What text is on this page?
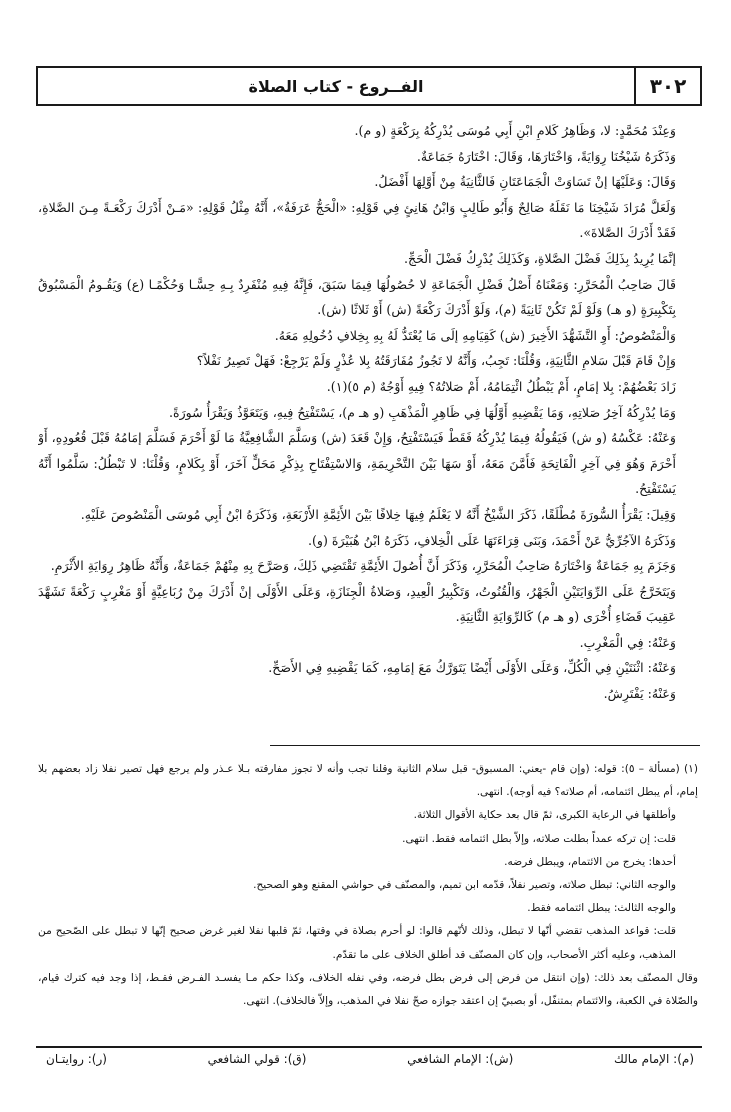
٣٠٢
الفــروع - كتاب الصلاة

وَعِنْدَ مُحَمَّدٍ: لا، وَظَاهِرُ كَلامِ ابْنِ أَبِي مُوسَى يُدْرِكُهُ بِرَكْعَةٍ (و م).

وَذَكَرَهُ شَيْخُنَا رِوَايَةً، وَاخْتَارَهَا، وَقَالَ: اخْتَارَهُ جَمَاعَةٌ.

وَقَالَ: وَعَلَيْهَا إنْ تَسَاوَتْ الْجَمَاعَتَانِ فَالثَّانِيَةُ مِنْ أَوَّلِهَا أَفْضَلُ.

وَلَعَلَّ مُرَادَ شَيْخِنَا مَا نَقَلَهُ صَالِحٌ وَأَبُو طَالِبٍ وَابْنُ هَانِئٍ فِي قَوْلِهِ: «الْحَجُّ عَرَفَةُ»، أَنَّهُ مِثْلُ قَوْلِهِ: «مَـنْ أَدْرَكَ رَكْعَـةً مِـنَ الصَّلاةِ، فَقَدْ أَدْرَكَ الصَّلاةَ».

إنَّمَا يُرِيدُ بِذَلِكَ فَضْلَ الصَّلاةِ، وَكَذَلِكَ يُدْرِكُ فَضْلَ الْحَجِّ.

قَالَ صَاحِبُ الْمُحَرَّرِ: وَمَعْنَاهُ أَصْلُ فَضْلِ الْجَمَاعَةِ لا حُصُولُهَا فِيمَا سَبَقَ، فَإِنَّهُ فِيهِ مُنْفَرِدٌ بِـهِ حِسًّـا وَحُكْمًـا (ع) وَيَقُـومُ الْمَسْبُوقُ بِتَكْبِيرَةٍ (و هـ) وَلَوْ لَمْ تَكُنْ ثَانِيَةً (م)، وَلَوْ أَدْرَكَ رَكْعَةً (ش) أَوْ ثَلاثًا (ش).

وَالْمَنْصُوصُ: أَوِ التَّشَهُّدَ الأَخِيرَ (ش) كَقِيَامِهِ إلَى مَا يُعْتَدُّ لَهُ بِهِ بِخِلافِ دُخُولِهِ مَعَهُ.

وَإِنْ قَامَ قَبْلَ سَلامِ الثَّانِيَةِ، وَقُلْنَا: تَجِبُ، وَأَنَّهُ لا تَجُوزُ مُفَارَقَتُهُ بِلا عُذْرٍ وَلَمْ يَرْجِعْ: فَهَلْ تَصِيرُ نَفْلاً؟

زَادَ بَعْضُهُمْ: بِلا إمَامٍ، أَمْ يَبْطُلُ ائْتِمَامُهُ، أَمْ صَلاتُهُ؟ فِيهِ أَوْجُهٌ (م ٥)(١).

وَمَا يُدْرِكُهُ آخِرُ صَلاتِهِ، وَمَا يَقْضِيهِ أَوَّلُهَا فِي ظَاهِرِ الْمَذْهَبِ (و هـ م)، يَسْتَفْتِحُ فِيهِ، وَيَتَعَوَّذُ وَيَقْرَأُ سُورَةً.

وَعَنْهُ: عَكْسُهُ (و ش) فَيَقُولُهُ فِيمَا يُدْرِكُهُ فَقَطْ فَيَسْتَفْتِحُ، وَإِنْ قَعَدَ (ش) وَسَلَّمَ الشَّافِعِيَّةُ مَا لَوْ أَحْرَمَ فَسَلَّمَ إمَامُهُ قَبْلَ قُعُودِهِ، أَوْ أَحْرَمَ وَهُوَ فِي آخِرِ الْفَاتِحَةِ فَأَمَّنَ مَعَهُ، أَوْ سَهَا بَيْنَ التَّحْرِيمَةِ، وَالاسْتِفْتَاحِ بِذِكْرِ مَحَلٍّ آخَرَ، أَوْ بِكَلامٍ، وَقُلْنَا: لا تَبْطُلُ: سَلَّمُوا أَنَّهُ يَسْتَفْتِحُ.

وَقِيلَ: يَقْرَأُ السُّورَةَ مُطْلَقًا، ذَكَرَ الشَّيْخُ أَنَّهُ لا يَعْلَمُ فِيهَا خِلافًا بَيْنَ الأَئِمَّةِ الأَرْبَعَةِ، وَذَكَرَهُ ابْنُ أَبِي مُوسَى الْمَنْصُوصَ عَلَيْهِ.

وَذَكَرَهُ الآجُرِّيُّ عَنْ أَحْمَدَ، وَبَنَى قِرَاءَتَهَا عَلَى الْخِلافِ، ذَكَرَهُ ابْنُ هُبَيْرَةَ (و).

وَجَزَمَ بِهِ جَمَاعَةٌ وَاخْتَارَهُ صَاحِبُ الْمُحَرَّرِ، وَذَكَرَ أَنَّ أُصُولَ الأَئِمَّةِ تَقْتَضِي ذَلِكَ، وَصَرَّحَ بِهِ مِنْهُمْ جَمَاعَةٌ، وَأَنَّهُ ظَاهِرُ رِوَايَةِ الأَثْرَمِ.

وَيَتَخَرَّجُ عَلَى الرِّوَايَتَيْنِ الْجَهْرُ، وَالْقُنُوتُ، وَتَكْبِيرُ الْعِيدِ، وَصَلاةُ الْجِنَازَةِ، وَعَلَى الأَوْلَى إنْ أَدْرَكَ مِنْ رُبَاعِيَّةٍ أَوْ مَغْرِبٍ رَكْعَةً تَشَهَّدَ عَقِيبَ قَضَاءِ أُخْرَى (و هـ م) كَالرِّوَايَةِ الثَّانِيَةِ.

وَعَنْهُ: فِي الْمَغْرِبِ.

وَعَنْهُ: اثْنَتَيْنِ فِي الْكُلِّ، وَعَلَى الأَوْلَى أَيْضًا يَتَوَرَّكُ مَعَ إمَامِهِ، كَمَا يَقْضِيهِ فِي الأَصَحِّ.

وَعَنْهُ: يَفْتَرِشُ.

(١) (مسألة – ٥): قوله: (وإن قام -يعني: المسبوق- قبل سلام الثانية وقلنا تجب وأنه لا تجوز مفارقته بـلا عـذر ولم يرجع فهل تصير نفلا زاد بعضهم بلا إمام، أم يبطل ائتمامه، أم صلاته؟ فيه أوجه). انتهى.

وأطلقها في الرعاية الكبرى، ثمّ قال بعد حكاية الأقوال الثلاثة.

قلت: إن تركه عمداً بطلت صلاته، وإلاّ بطل ائتمامه فقط. انتهى.

أحدها: يخرج من الائتمام، ويبطل فرضه.

والوجه الثاني: تبطل صلاته، وتصير نفلاً، قدّمه ابن تميم، والمصنّف في حواشي المقنع وهو الصحيح.

والوجه الثالث: يبطل ائتمامه فقط.

قلت: قواعد المذهب تقضي أنّها لا تبطل، وذلك لأنّهم قالوا: لو أحرم بصلاة في وقتها، ثمّ قلبها نفلا لغير غرض صحيح إنّها لا تبطل على الصّحيح من المذهب، وعليه أكثر الأصحاب، وإن كان المصنّف قد أطلق الخلاف على ما تقدّم.

وقال المصنّف بعد ذلك: (وإن انتقل من فرض إلى فرض بطل فرضه، وفي نفله الخلاف، وكذا حكم مـا يفسـد الفـرض فقـط، إذا وجد فيه كترك قيام، والصّلاة في الكعبة، والائتمام بمتنفّل، أو بصبيّ إن اعتقد جوازه صحّ نفلا في المذهب، وإلاّ فالخلاف). انتهى.

(م): الإمام مالك
(ش): الإمام الشافعي
(ق): قولي الشافعي
(ر): روايتـان
